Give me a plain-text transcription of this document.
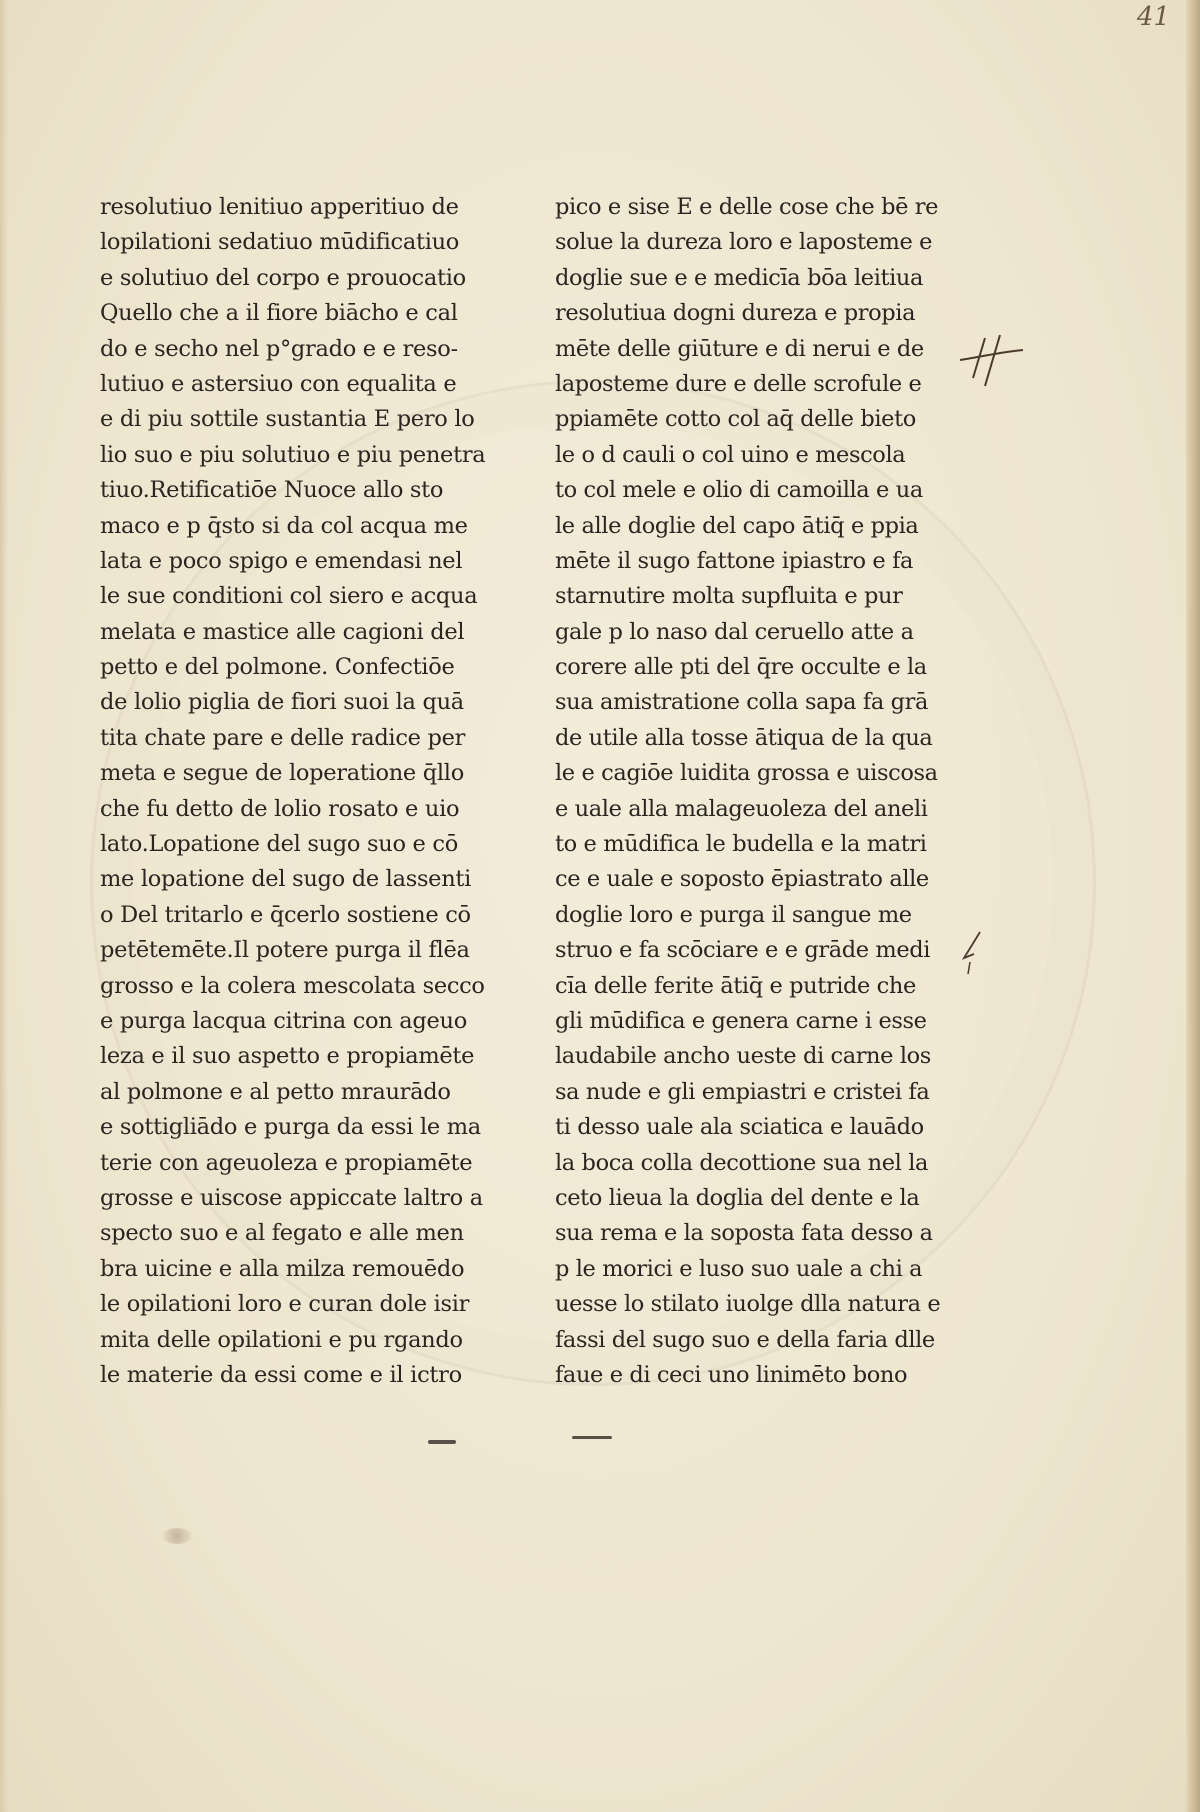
41
resolutiuo lenitiuo apperitiuo de
lopilationi sedatiuo mūdificatiuo
e solutiuo del corpo e prouocatio
Quello che a il fiore biācho e cal
do e secho nel p°grado e e reso-
lutiuo e astersiuo con equalita e
e di piu sottile sustantia E pero lo
lio suo e piu solutiuo e piu penetra
tiuo.Retificatiōe Nuoce allo sto
maco e p q̄sto si da col acqua me
lata e poco spigo e emendasi nel
le sue conditioni col siero e acqua
melata e mastice alle cagioni del
petto e del polmone. Confectiōe
de lolio piglia de fiori suoi la quā
tita chate pare e delle radice per
meta e segue de loperatione q̄llo
che fu detto de lolio rosato e uio
lato.Lopatione del sugo suo e cō
me lopatione del sugo de lassenti
o Del tritarlo e q̄cerlo sostiene cō
petētemēte.Il potere purga il flēa
grosso e la colera mescolata secco
e purga lacqua citrina con ageuo
leza e il suo aspetto e propiamēte
al polmone e al petto mraurādo
e sottigliādo e purga da essi le ma
terie con ageuoleza e propiamēte
grosse e uiscose appiccate laltro a
specto suo e al fegato e alle men
bra uicine e alla milza remouēdo
le opilationi loro e curan dole isir
mita delle opilationi e pu rgando
le materie da essi come e il ictro
pico e sise E e delle cose che bē re
solue la dureza loro e laposteme e
doglie sue e e medicīa bōa leitiua
resolutiua dogni dureza e propia
mēte delle giūture e di nerui e de
laposteme dure e delle scrofule e
ppiamēte cotto col aq̄ delle bieto
le o d cauli o col uino e mescola
to col mele e olio di camoilla e ua
le alle doglie del capo ātiq̄ e ppia
mēte il sugo fattone ipiastro e fa
starnutire molta supfluita e pur
gale p lo naso dal ceruello atte a
corere alle pti del q̄re occulte e la
sua amistratione colla sapa fa grā
de utile alla tosse ātiqua de la qua
le e cagiōe luidita grossa e uiscosa
e uale alla malageuoleza del aneli
to e mūdifica le budella e la matri
ce e uale e soposto ēpiastrato alle
doglie loro e purga il sangue me
struo e fa scōciare e e grāde medi
cīa delle ferite ātiq̄ e putride che
gli mūdifica e genera carne i esse
laudabile ancho ueste di carne los
sa nude e gli empiastri e cristei fa
ti desso uale ala sciatica e lauādo
la boca colla decottione sua nel la
ceto lieua la doglia del dente e la
sua rema e la soposta fata desso a
p le morici e luso suo uale a chi a
uesse lo stilato iuolge dlla natura e
fassi del sugo suo e della faria dlle
faue e di ceci uno linimēto bono
